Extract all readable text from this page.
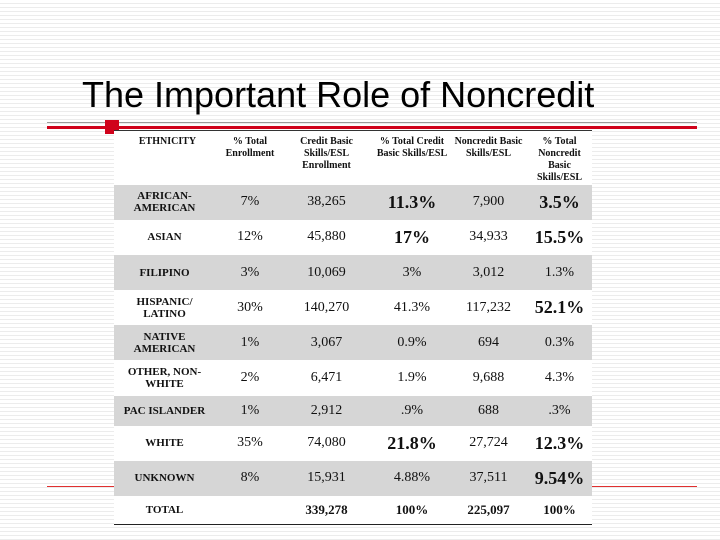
The Important Role of Noncredit
ETHNICITY	% Total Enrollment	Credit Basic Skills/ESL Enrollment	% Total Credit Basic Skills/ESL	Noncredit Basic Skills/ESL	% Total Noncredit Basic Skills/ESL
AFRICAN-AMERICAN	7%	38,265	11.3%	7,900	3.5%
ASIAN	12%	45,880	17%	34,933	15.5%
FILIPINO	3%	10,069	3%	3,012	1.3%
HISPANIC/ LATINO	30%	140,270	41.3%	117,232	52.1%
NATIVE AMERICAN	1%	3,067	0.9%	694	0.3%
OTHER, NON-WHITE	2%	6,471	1.9%	9,688	4.3%
PAC ISLANDER	1%	2,912	.9%	688	.3%
WHITE	35%	74,080	21.8%	27,724	12.3%
UNKNOWN	8%	15,931	4.88%	37,511	9.54%
TOTAL		339,278	100%	225,097	100%
